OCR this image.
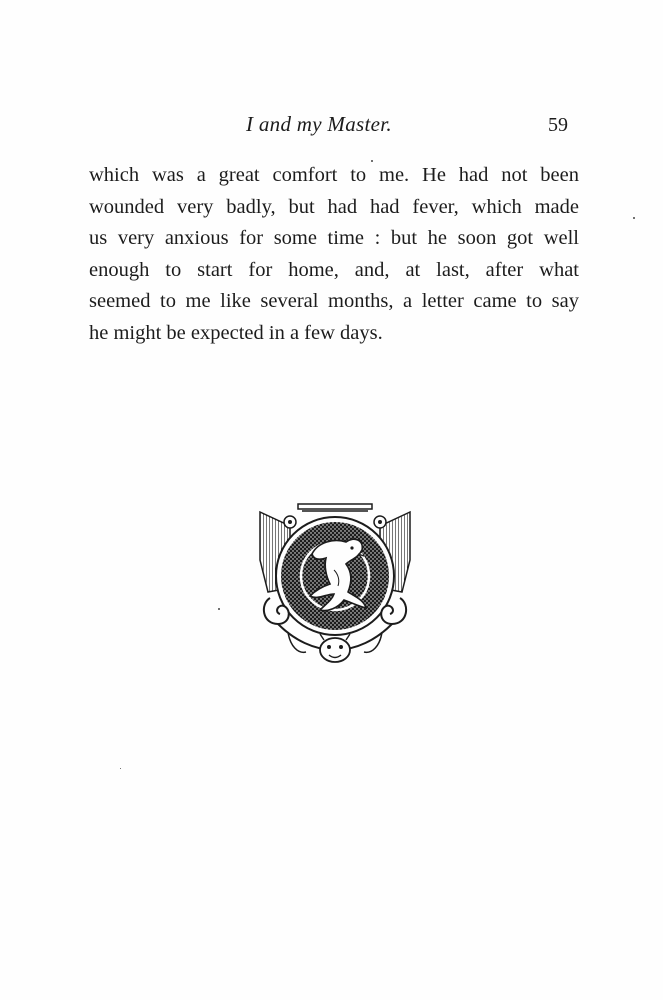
I and my Master.	59
which was a great comfort to me. He had not been
wounded very badly, but had had fever, which made
us very anxious for some time : but he soon got well
enough to start for home, and, at last, after what
seemed to me like several months, a letter came to say
he might be expected in a few days.
